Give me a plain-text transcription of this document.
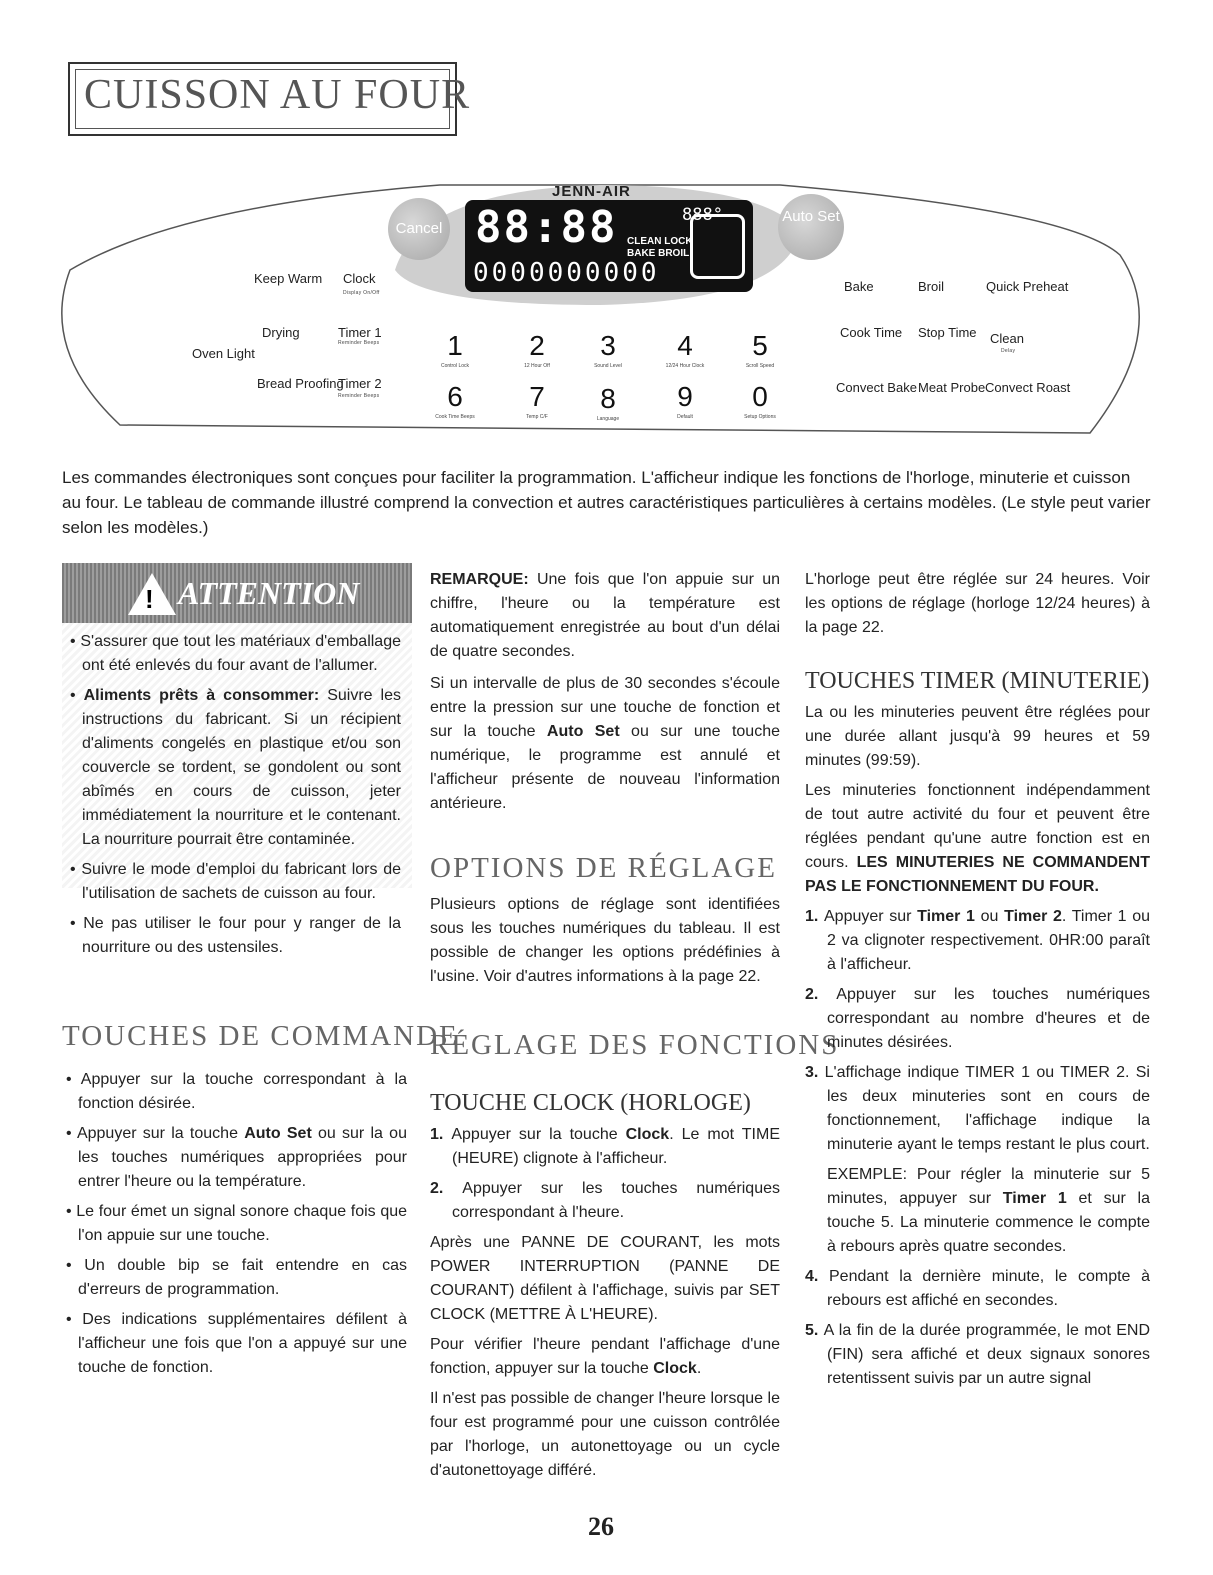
CUISSON AU FOUR
JENN-AIR
Cancel
Auto Set
88:88	888°
CLEAN LOCK
BAKE BROIL
0000000000
Keep Warm Clock
Display On/Off
Drying	Timer 1
Reminder Beeps
Oven Light
Bread Proofing
Timer 2
Reminder Beeps
1
Control Lock
2
12 Hour Off
3
Sound Level
4
12/24 Hour Clock
5
Scroll Speed
6
Cook Time Beeps
7
Temp C/F
8
Language
9
Default
0
Setup Options
Bake	Broil	Quick Preheat
Cook Time Stop Time Clean
Delay
Convect Bake Meat Probe Convect Roast

Les commandes électroniques sont conçues pour faciliter la programmation. L'afficheur indique les fonctions de l'horloge, minuterie et cuisson au four. Le tableau de commande illustré comprend la convection et autres caractéristiques particulières à certains modèles. (Le style peut varier selon les modèles.)

! ATTENTION

• S'assurer que tout les matériaux d'emballage ont été enlevés du four avant de l'allumer.

• Aliments prêts à consommer: Suivre les instructions du fabricant. Si un récipient d'aliments congelés en plastique et/ou son couvercle se tordent, se gondolent ou sont abîmés en cours de cuisson, jeter immédiatement la nourriture et le contenant. La nourriture pourrait être contaminée.

• Suivre le mode d'emploi du fabricant lors de l'utilisation de sachets de cuisson au four.

• Ne pas utiliser le four pour y ranger de la nourriture ou des ustensiles.

TOUCHES DE COMMANDE

• Appuyer sur la touche correspondant à la fonction désirée.

• Appuyer sur la touche Auto Set ou sur la ou les touches numériques appropriées pour entrer l'heure ou la température.

• Le four émet un signal sonore chaque fois que l'on appuie sur une touche.

• Un double bip se fait entendre en cas d'erreurs de programmation.

• Des indications supplémentaires défilent à l'afficheur une fois que l'on a appuyé sur une touche de fonction.

REMARQUE: Une fois que l'on appuie sur un chiffre, l'heure ou la température est automatiquement enregistrée au bout d'un délai de quatre secondes.

Si un intervalle de plus de 30 secondes s'écoule entre la pression sur une touche de fonction et sur la touche Auto Set ou sur une touche numérique, le programme est annulé et l'afficheur présente de nouveau l'information antérieure.

OPTIONS DE RÉGLAGE

Plusieurs options de réglage sont identifiées sous les touches numériques du tableau. Il est possible de changer les options prédéfinies à l'usine. Voir d'autres informations à la page 22.

RÉGLAGE DES FONCTIONS
TOUCHE CLOCK (HORLOGE)

1. Appuyer sur la touche Clock. Le mot TIME (HEURE) clignote à l'afficheur.

2. Appuyer sur les touches numériques correspondant à l'heure.

Après une PANNE DE COURANT, les mots POWER INTERRUPTION (PANNE DE COURANT) défilent à l'affichage, suivis par SET CLOCK (METTRE À L'HEURE).

Pour vérifier l'heure pendant l'affichage d'une fonction, appuyer sur la touche Clock.

Il n'est pas possible de changer l'heure lorsque le four est programmé pour une cuisson contrôlée par l'horloge, un autonettoyage ou un cycle d'autonettoyage différé.

L'horloge peut être réglée sur 24 heures. Voir les options de réglage (horloge 12/24 heures) à la page 22.

TOUCHES TIMER (MINUTERIE)

La ou les minuteries peuvent être réglées pour une durée allant jusqu'à 99 heures et 59 minutes (99:59).

Les minuteries fonctionnent indépendamment de tout autre activité du four et peuvent être réglées pendant qu'une autre fonction est en cours. LES MINUTERIES NE COMMANDENT PAS LE FONCTIONNEMENT DU FOUR.

1. Appuyer sur Timer 1 ou Timer 2. Timer 1 ou 2 va clignoter respectivement. 0HR:00 paraît à l'afficheur.

2. Appuyer sur les touches numériques correspondant au nombre d'heures et de minutes désirées.

3. L'affichage indique TIMER 1 ou TIMER 2. Si les deux minuteries sont en cours de fonctionnement, l'affichage indique la minuterie ayant le temps restant le plus court.

EXEMPLE: Pour régler la minuterie sur 5 minutes, appuyer sur Timer 1 et sur la touche 5. La minuterie commence le compte à rebours après quatre secondes.

4. Pendant la dernière minute, le compte à rebours est affiché en secondes.

5. A la fin de la durée programmée, le mot END (FIN) sera affiché et deux signaux sonores retentissent suivis par un autre signal

26
